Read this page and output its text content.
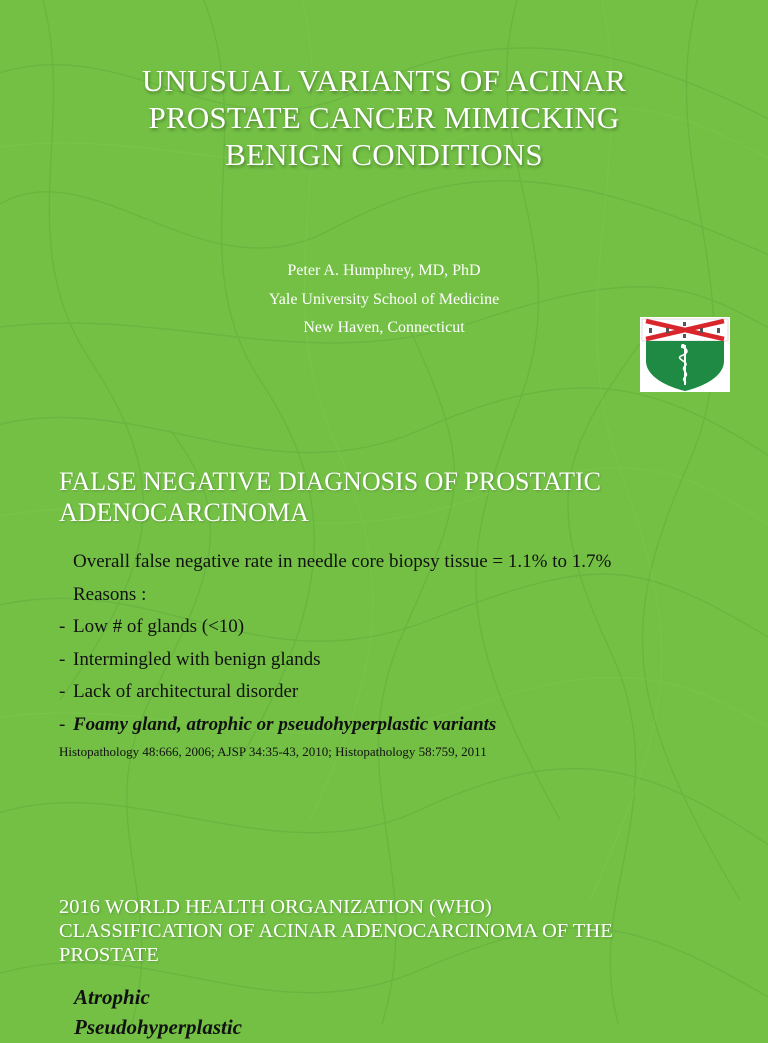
UNUSUAL VARIANTS OF ACINAR
PROSTATE CANCER MIMICKING
BENIGN CONDITIONS
Peter A. Humphrey, MD, PhD
Yale University School of Medicine
New Haven, Connecticut
FALSE NEGATIVE DIAGNOSIS OF PROSTATIC
ADENOCARCINOMA
Overall false negative rate in needle core biopsy tissue = 1.1% to 1.7%
Reasons :
- Low # of glands (<10)
- Intermingled with benign glands
- Lack of architectural disorder
- Foamy gland, atrophic or pseudohyperplastic variants
Histopathology 48:666, 2006; AJSP 34:35-43, 2010; Histopathology 58:759, 2011
2016 WORLD HEALTH ORGANIZATION (WHO)
CLASSIFICATION OF ACINAR ADENOCARCINOMA OF THE
PROSTATE
Atrophic
Pseudohyperplastic
